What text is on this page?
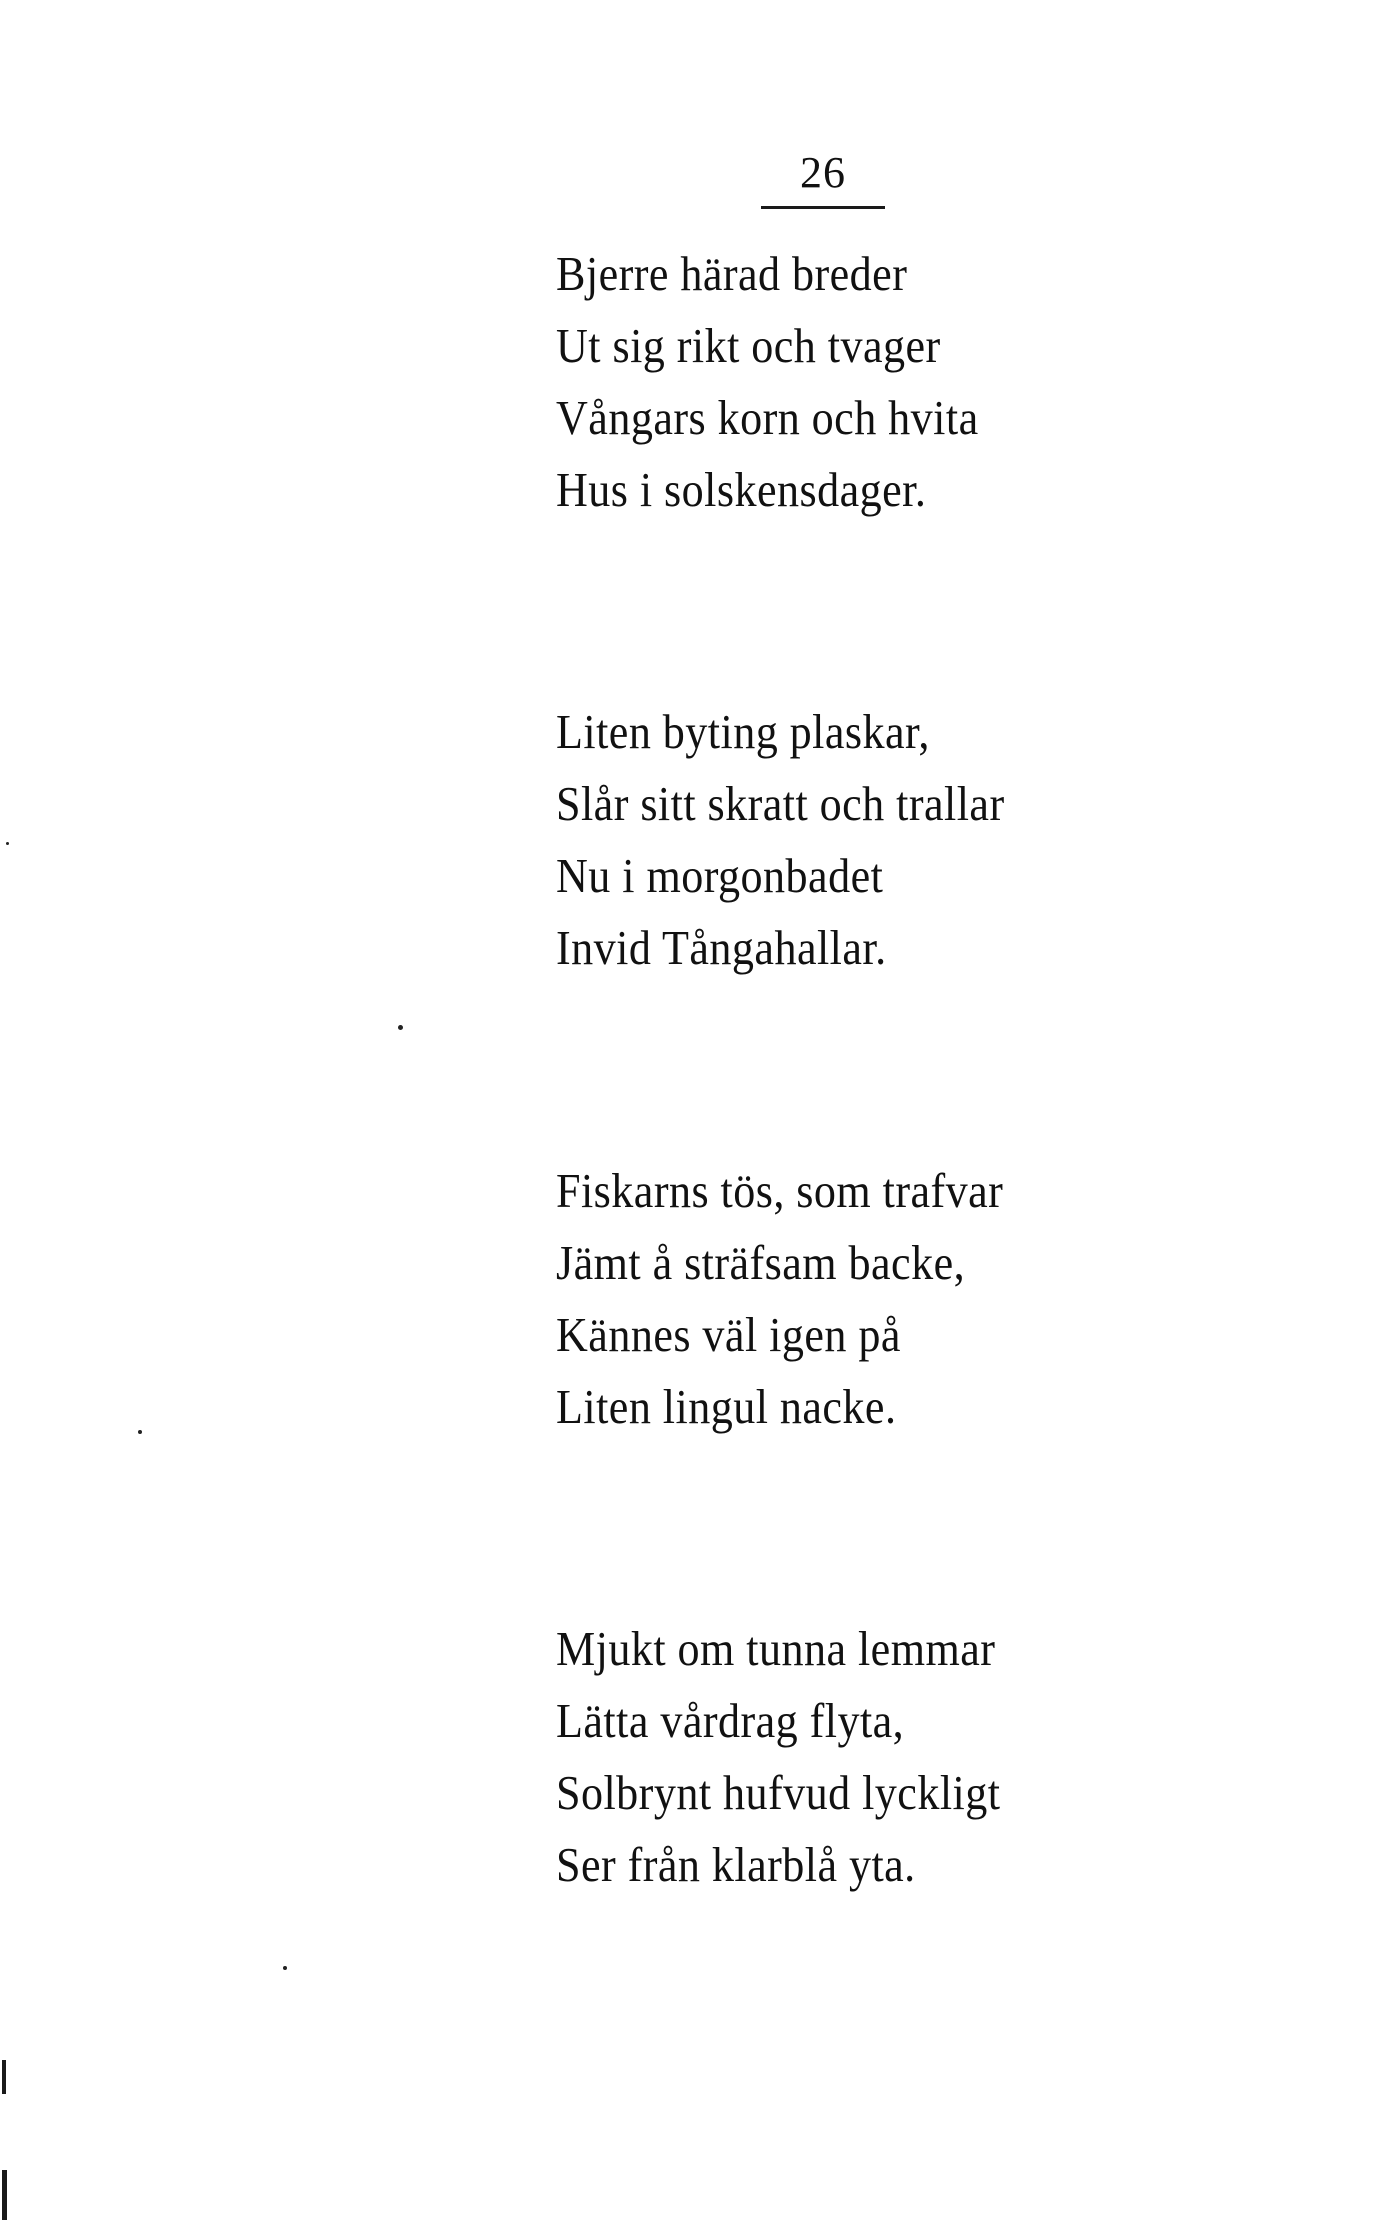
26
Bjerre härad breder
Ut sig rikt och tvager
Vångars korn och hvita
Hus i solskensdager.
Liten byting plaskar,
Slår sitt skratt och trallar
Nu i morgonbadet
Invid Tångahallar.
Fiskarns tös, som trafvar
Jämt å sträfsam backe,
Kännes väl igen på
Liten lingul nacke.
Mjukt om tunna lemmar
Lätta vårdrag flyta,
Solbrynt hufvud lyckligt
Ser från klarblå yta.
